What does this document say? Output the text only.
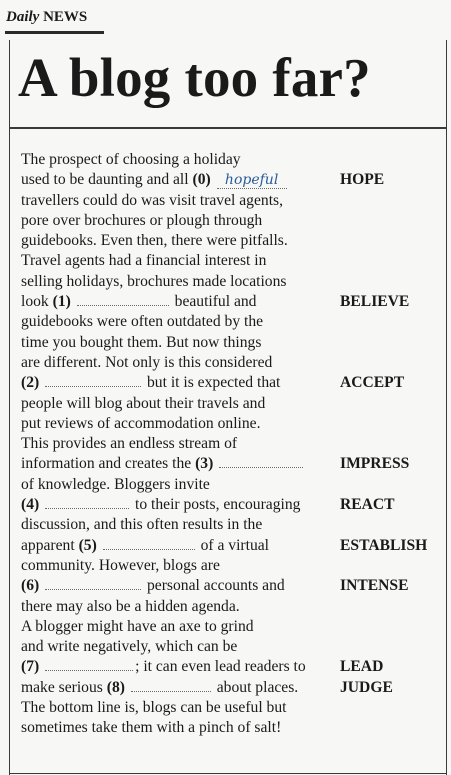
Daily NEWS
A blog too far?
The prospect of choosing a holiday
used to be daunting and all (0) hopeful
travellers could do was visit travel agents,
pore over brochures or plough through
guidebooks. Even then, there were pitfalls.
Travel agents had a financial interest in
selling holidays, brochures made locations
look (1)	beautiful and
guidebooks were often outdated by the
time you bought them. But now things
are different. Not only is this considered
(2)	but it is expected that
people will blog about their travels and
put reviews of accommodation online.
This provides an endless stream of
information and creates the (3)
of knowledge. Bloggers invite
(4)	to their posts, encouraging
discussion, and this often results in the
apparent (5)	of a virtual
community. However, blogs are
(6)	personal accounts and
there may also be a hidden agenda.
A blogger might have an axe to grind
and write negatively, which can be
(7)	; it can even lead readers to
make serious (8)	about places.
The bottom line is, blogs can be useful but
sometimes take them with a pinch of salt!
HOPE
BELIEVE
ACCEPT
IMPRESS
REACT
ESTABLISH
INTENSE
LEAD
JUDGE
